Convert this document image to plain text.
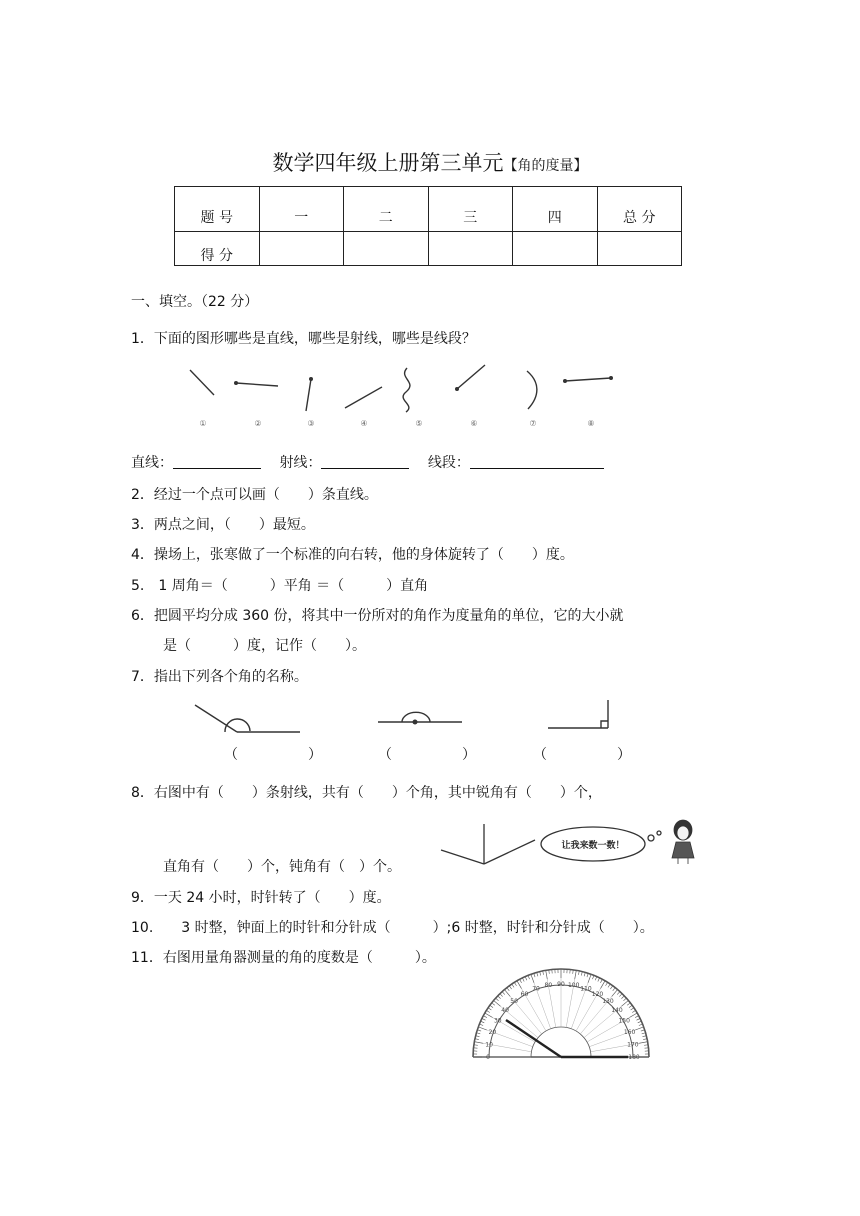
数学四年级上册第三单元【角的度量】
题 号	一	二	三	四	总 分
得 分					
一、填空。（22 分）
1．下面的图形哪些是直线，哪些是射线，哪些是线段？
①	②	③	④	⑤	⑥	⑦	⑧
直线：	射线：	线段：
2．经过一个点可以画（　　）条直线。
3．两点之间，（　　）最短。
4．操场上，张寒做了一个标准的向右转，他的身体旋转了（　　）度。
5.　1 周角＝（　　　）平角 ＝（　　　）直角
6．把圆平均分成 360 份，将其中一份所对的角作为度量角的单位，它的大小就
是（　　　）度，记作（　　）。
7．指出下列各个角的名称。
（　　　　　）	（　　　　　）	（　　　　　）
8．右图中有（　　）条射线，共有（　　）个角，其中锐角有（　　）个，
让我来数一数！
直角有（　　）个，钝角有（　）个。
9．一天 24 小时，时针转了（　　）度。
10.　　3 时整，钟面上的时针和分针成（　　　）;6 时整，时针和分针成（　　）。
11．右图用量角器测量的角的度数是（　　　）。
0
10
20
30
40
50
60
70 80 90 100 110
120
130
140
150
160
170
180
